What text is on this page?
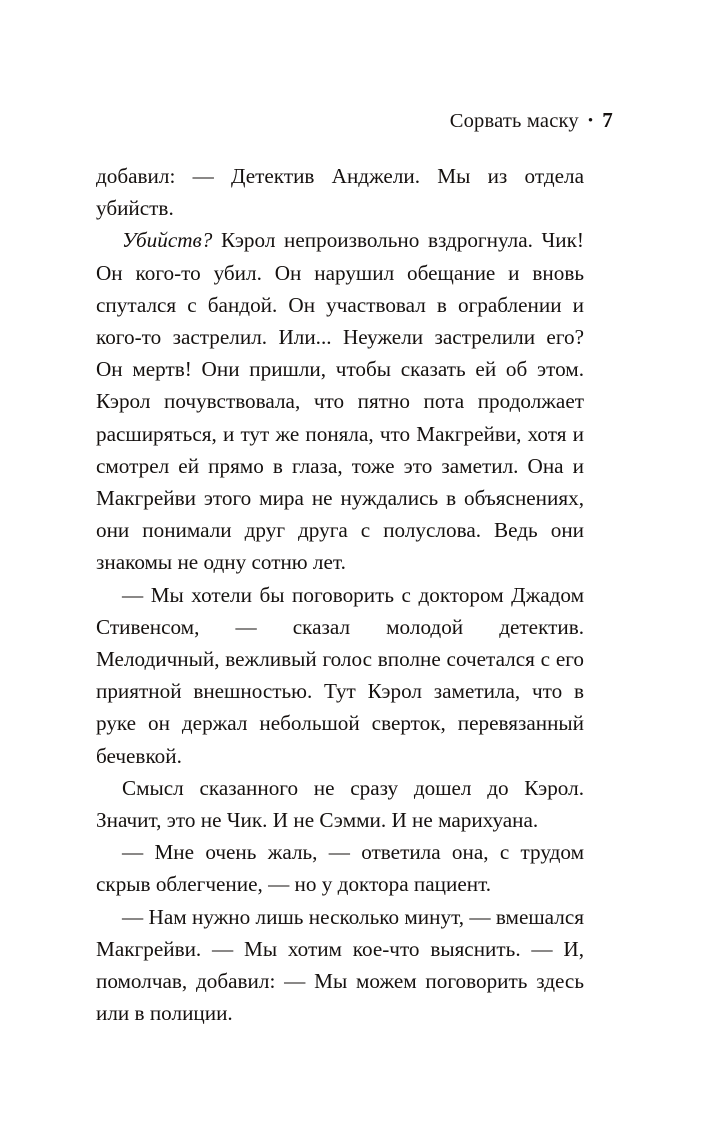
Сорвать маску • 7

добавил: — Детектив Анджели. Мы из отдела убийств.

Убийств? Кэрол непроизвольно вздрогнула. Чик! Он кого-то убил. Он нарушил обещание и вновь спутался с бандой. Он участвовал в ограблении и кого-то застрелил. Или... Неужели застрелили его? Он мертв! Они пришли, чтобы сказать ей об этом. Кэрол почувствовала, что пятно пота продолжает расширяться, и тут же поняла, что Макгрейви, хотя и смотрел ей прямо в глаза, тоже это заметил. Она и Макгрейви этого мира не нуждались в объяснениях, они понимали друг друга с полуслова. Ведь они знакомы не одну сотню лет.

— Мы хотели бы поговорить с доктором Джадом Стивенсом, — сказал молодой детектив. Мелодичный, вежливый голос вполне сочетался с его приятной внешностью. Тут Кэрол заметила, что в руке он держал небольшой сверток, перевязанный бечевкой.

Смысл сказанного не сразу дошел до Кэрол. Значит, это не Чик. И не Сэмми. И не марихуана.

— Мне очень жаль, — ответила она, с трудом скрыв облегчение, — но у доктора пациент.

— Нам нужно лишь несколько минут, — вмешался Макгрейви. — Мы хотим кое-что выяснить. — И, помолчав, добавил: — Мы можем поговорить здесь или в полиции.
